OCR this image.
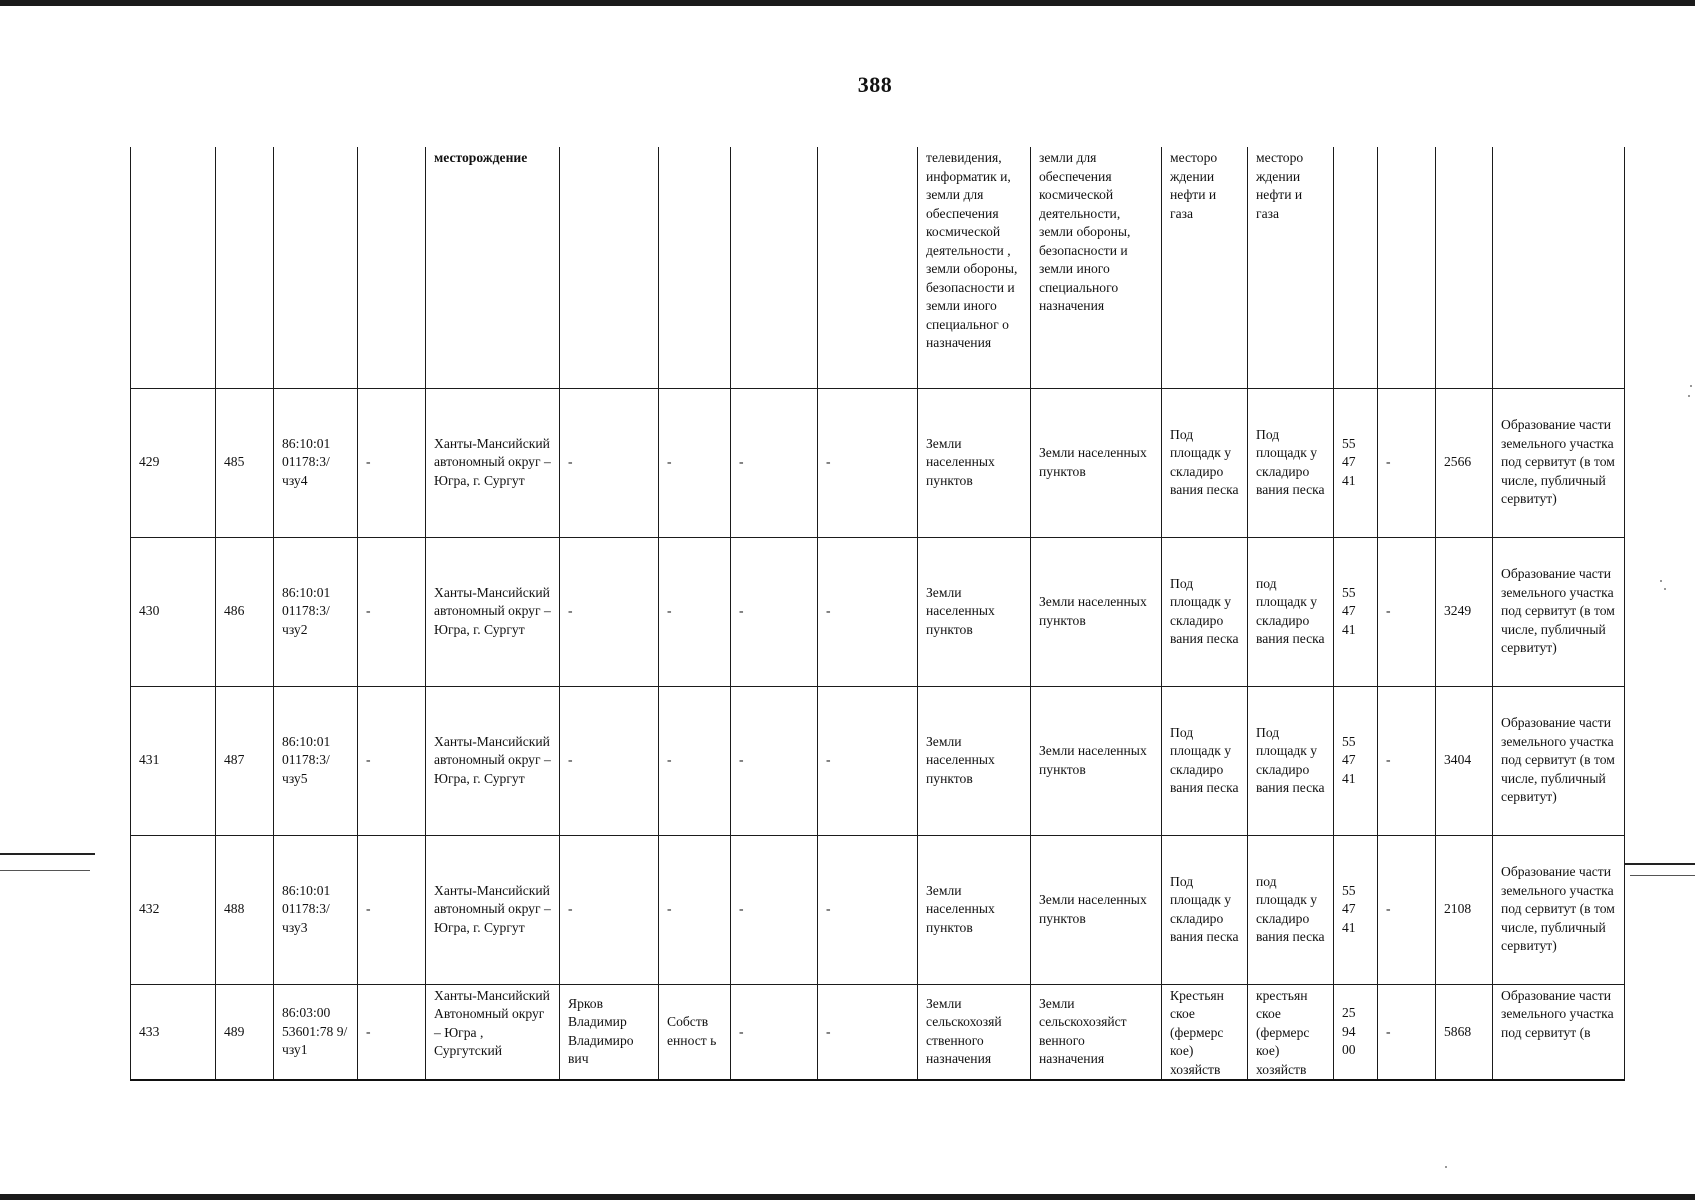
388
				месторождение					телевидения, информатик и, земли для обеспечения космической деятельности , земли обороны, безопасности и земли иного специальног о назначения	земли для обеспечения космической деятельности, земли обороны, безопасности и земли иного специального назначения	месторо ждении нефти и газа	месторо ждении нефти и газа				
429	485	86:10:01 01178:3/ чзу4	-	Ханты-Мансийский автономный округ – Югра, г. Сургут	-	-	-	-	Земли населенных пунктов	Земли населенных пунктов	Под площадк у складиро вания песка	Под площадк у складиро вания песка	55 47 41	-	2566	Образование части земельного участка под сервитут (в том числе, публичный сервитут)
430	486	86:10:01 01178:3/ чзу2	-	Ханты-Мансийский автономный округ – Югра, г. Сургут	-	-	-	-	Земли населенных пунктов	Земли населенных пунктов	Под площадк у складиро вания песка	под площадк у складиро вания песка	55 47 41	-	3249	Образование части земельного участка под сервитут (в том числе, публичный сервитут)
431	487	86:10:01 01178:3/ чзу5	-	Ханты-Мансийский автономный округ – Югра, г. Сургут	-	-	-	-	Земли населенных пунктов	Земли населенных пунктов	Под площадк у складиро вания песка	Под площадк у складиро вания песка	55 47 41	-	3404	Образование части земельного участка под сервитут (в том числе, публичный сервитут)
432	488	86:10:01 01178:3/ чзу3	-	Ханты-Мансийский автономный округ – Югра, г. Сургут	-	-	-	-	Земли населенных пунктов	Земли населенных пунктов	Под площадк у складиро вания песка	под площадк у складиро вания песка	55 47 41	-	2108	Образование части земельного участка под сервитут (в том числе, публичный сервитут)
433	489	86:03:00 53601:78 9/чзу1	-	Ханты-Мансийский Автономный округ – Югра , Сургутский	Ярков Владимир Владимиро вич	Собств енност ь	-	-	Земли сельскохозяй ственного назначения	Земли сельскохозяйст венного назначения	Крестьян ское (фермерс кое) хозяйств	крестьян ское (фермерс кое) хозяйств	25 94 00	-	5868	Образование части земельного участка под сервитут (в
